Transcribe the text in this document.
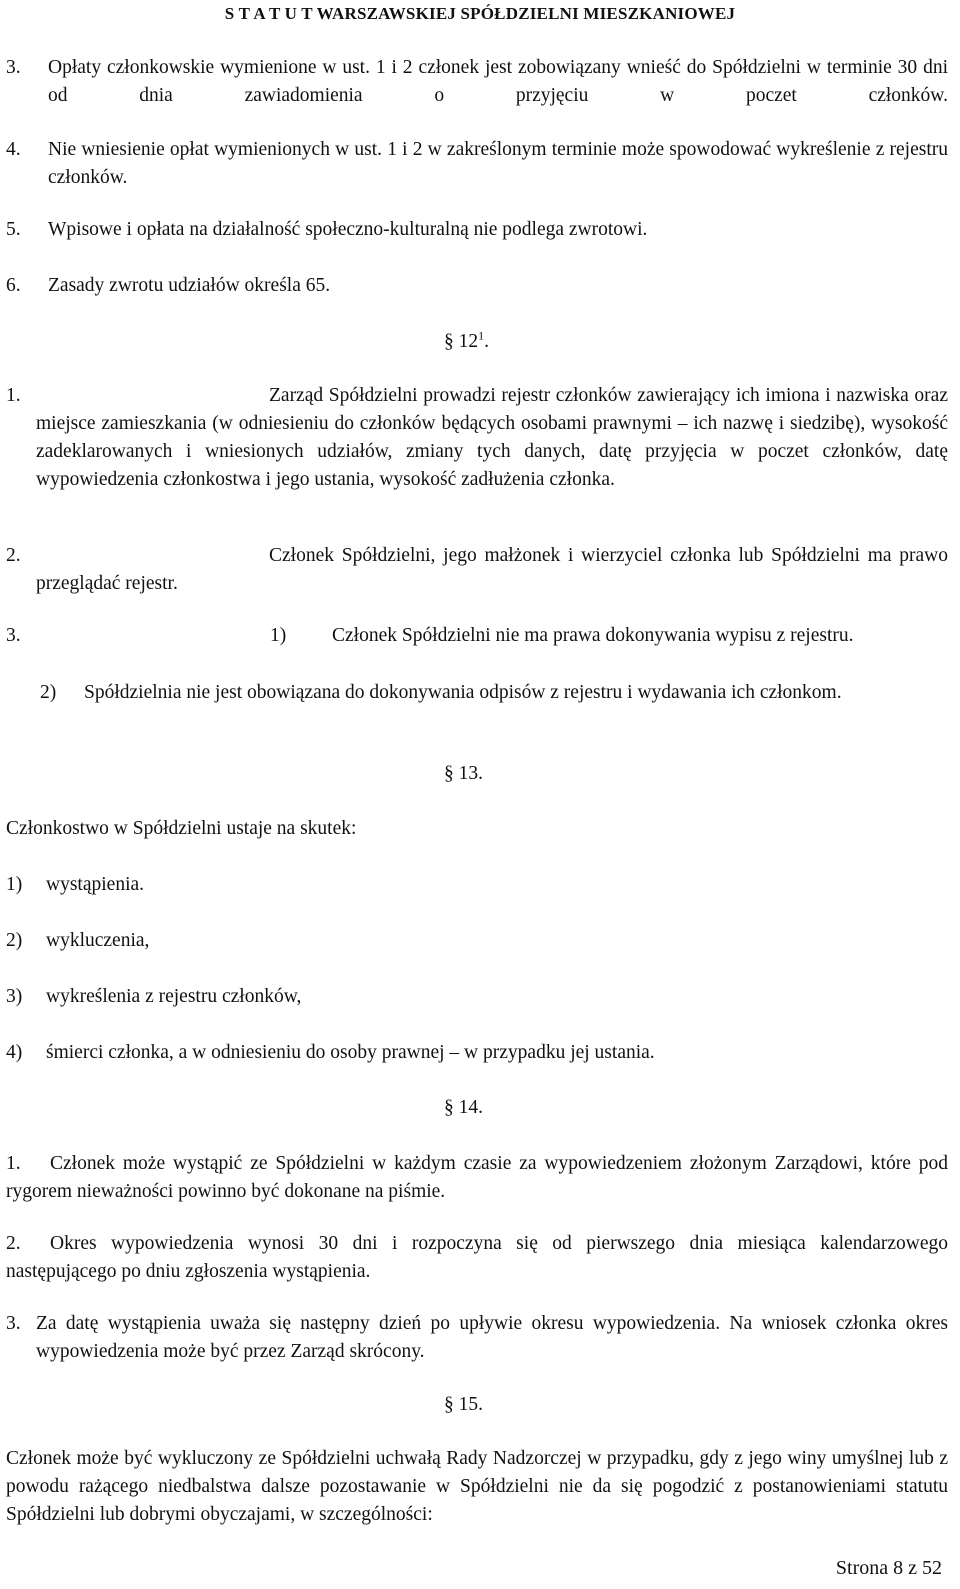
S T A T U T WARSZAWSKIEJ SPÓŁDZIELNI MIESZKANIOWEJ
3. Opłaty członkowskie wymienione w ust. 1 i 2 członek jest zobowiązany wnieść do Spółdzielni w terminie 30 dni od dnia zawiadomienia o przyjęciu w poczet członków.
4. Nie wniesienie opłat wymienionych w ust. 1 i 2 w zakreślonym terminie może spowodować wykreślenie z rejestru członków.
5. Wpisowe i opłata na działalność społeczno-kulturalną nie podlega zwrotowi.
6. Zasady zwrotu udziałów określa 65.
§ $12^1$.
1.	Zarząd Spółdzielni prowadzi rejestr członków zawierający ich imiona i nazwiska oraz miejsce zamieszkania (w odniesieniu do członków będących osobami prawnymi – ich nazwę i siedzibę), wysokość zadeklarowanych i wniesionych udziałów, zmiany tych danych, datę przyjęcia w poczet członków, datę wypowiedzenia członkostwa i jego ustania, wysokość zadłużenia członka.
2.	Członek Spółdzielni, jego małżonek i wierzyciel członka lub Spółdzielni ma prawo przeglądać rejestr.
3.	1) Członek Spółdzielni nie ma prawa dokonywania wypisu z rejestru.
2) Spółdzielnia nie jest obowiązana do dokonywania odpisów z rejestru i wydawania ich członkom.
§ 13.
Członkostwo w Spółdzielni ustaje na skutek:
1) wystąpienia.
2) wykluczenia,
3) wykreślenia z rejestru członków,
4) śmierci członka, a w odniesieniu do osoby prawnej – w przypadku jej ustania.
§ 14.
1.	Członek może wystąpić ze Spółdzielni w każdym czasie za wypowiedzeniem złożonym Zarządowi, które pod rygorem nieważności powinno być dokonane na piśmie.
2.	Okres wypowiedzenia wynosi 30 dni i rozpoczyna się od pierwszego dnia miesiąca kalendarzowego następującego po dniu zgłoszenia wystąpienia.
3. Za datę wystąpienia uważa się następny dzień po upływie okresu wypowiedzenia. Na wniosek członka okres wypowiedzenia może być przez Zarząd skrócony.
§ 15.
Członek może być wykluczony ze Spółdzielni uchwałą Rady Nadzorczej w przypadku, gdy z jego winy umyślnej lub z powodu rażącego niedbalstwa dalsze pozostawanie w Spółdzielni nie da się pogodzić z postanowieniami statutu Spółdzielni lub dobrymi obyczajami, w szczególności:
Strona 8 z 52
